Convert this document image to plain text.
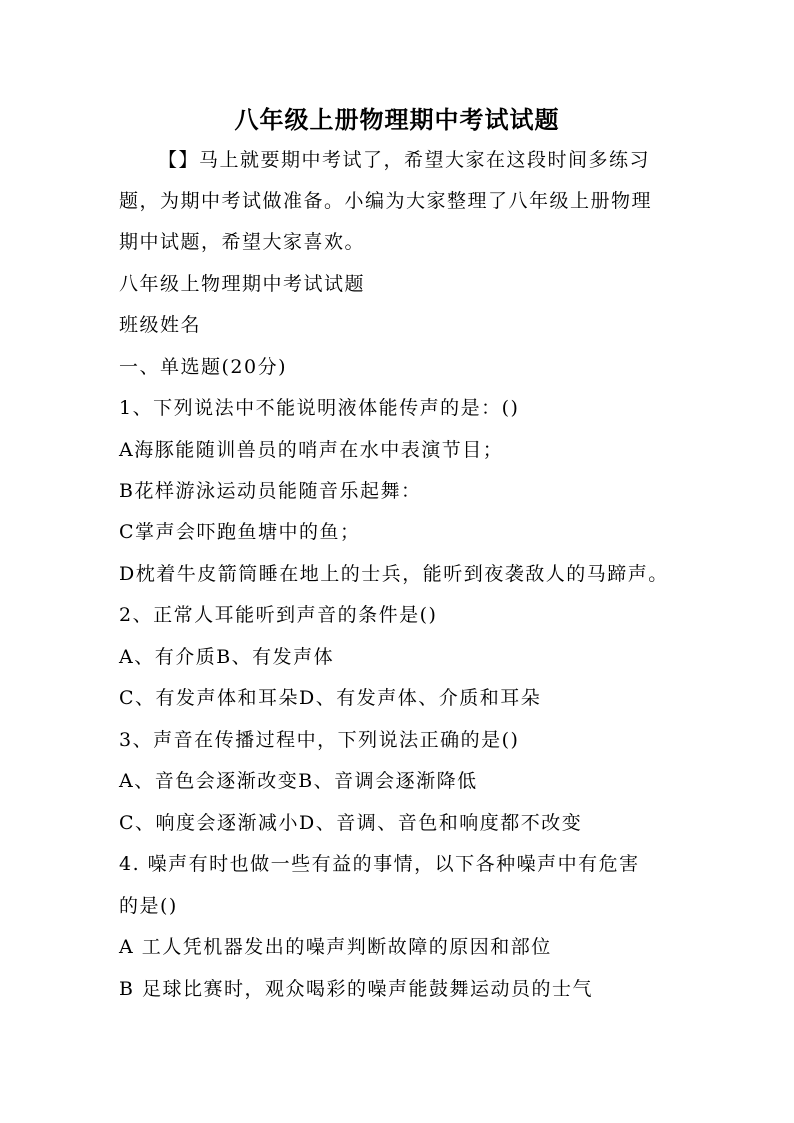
八年级上册物理期中考试试题

【】马上就要期中考试了，希望大家在这段时间多练习

题，为期中考试做准备。小编为大家整理了八年级上册物理

期中试题，希望大家喜欢。

八年级上物理期中考试试题

班级姓名

一、单选题(20分)

1、下列说法中不能说明液体能传声的是：()

A海豚能随训兽员的哨声在水中表演节目；

B花样游泳运动员能随音乐起舞：

C掌声会吓跑鱼塘中的鱼；

D枕着牛皮箭筒睡在地上的士兵，能听到夜袭敌人的马蹄声。

2、正常人耳能听到声音的条件是()

A、有介质B、有发声体

C、有发声体和耳朵D、有发声体、介质和耳朵

3、声音在传播过程中，下列说法正确的是()

A、音色会逐渐改变B、音调会逐渐降低

C、响度会逐渐减小D、音调、音色和响度都不改变

4. 噪声有时也做一些有益的事情，以下各种噪声中有危害

的是()

A 工人凭机器发出的噪声判断故障的原因和部位

B 足球比赛时，观众喝彩的噪声能鼓舞运动员的士气
